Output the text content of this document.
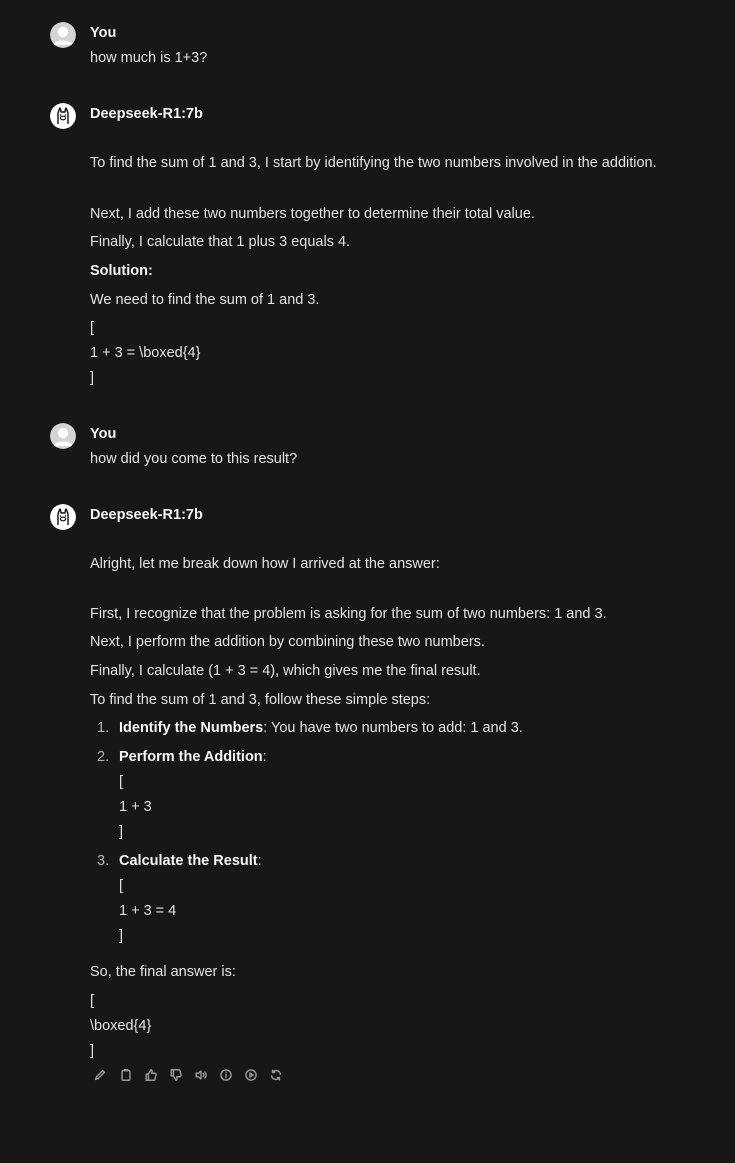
You
how much is 1+3?
Deepseek-R1:7b
To find the sum of 1 and 3, I start by identifying the two numbers involved in the addition.
Next, I add these two numbers together to determine their total value.
Finally, I calculate that 1 plus 3 equals 4.
Solution:
We need to find the sum of 1 and 3.
[
1 + 3 = \boxed{4}
]
You
how did you come to this result?
Deepseek-R1:7b
Alright, let me break down how I arrived at the answer:
First, I recognize that the problem is asking for the sum of two numbers: 1 and 3.
Next, I perform the addition by combining these two numbers.
Finally, I calculate (1 + 3 = 4), which gives me the final result.
To find the sum of 1 and 3, follow these simple steps:
1. Identify the Numbers: You have two numbers to add: 1 and 3.
2. Perform the Addition:
[
1 + 3
]
3. Calculate the Result:
[
1 + 3 = 4
]
So, the final answer is:
[
\boxed{4}
]
